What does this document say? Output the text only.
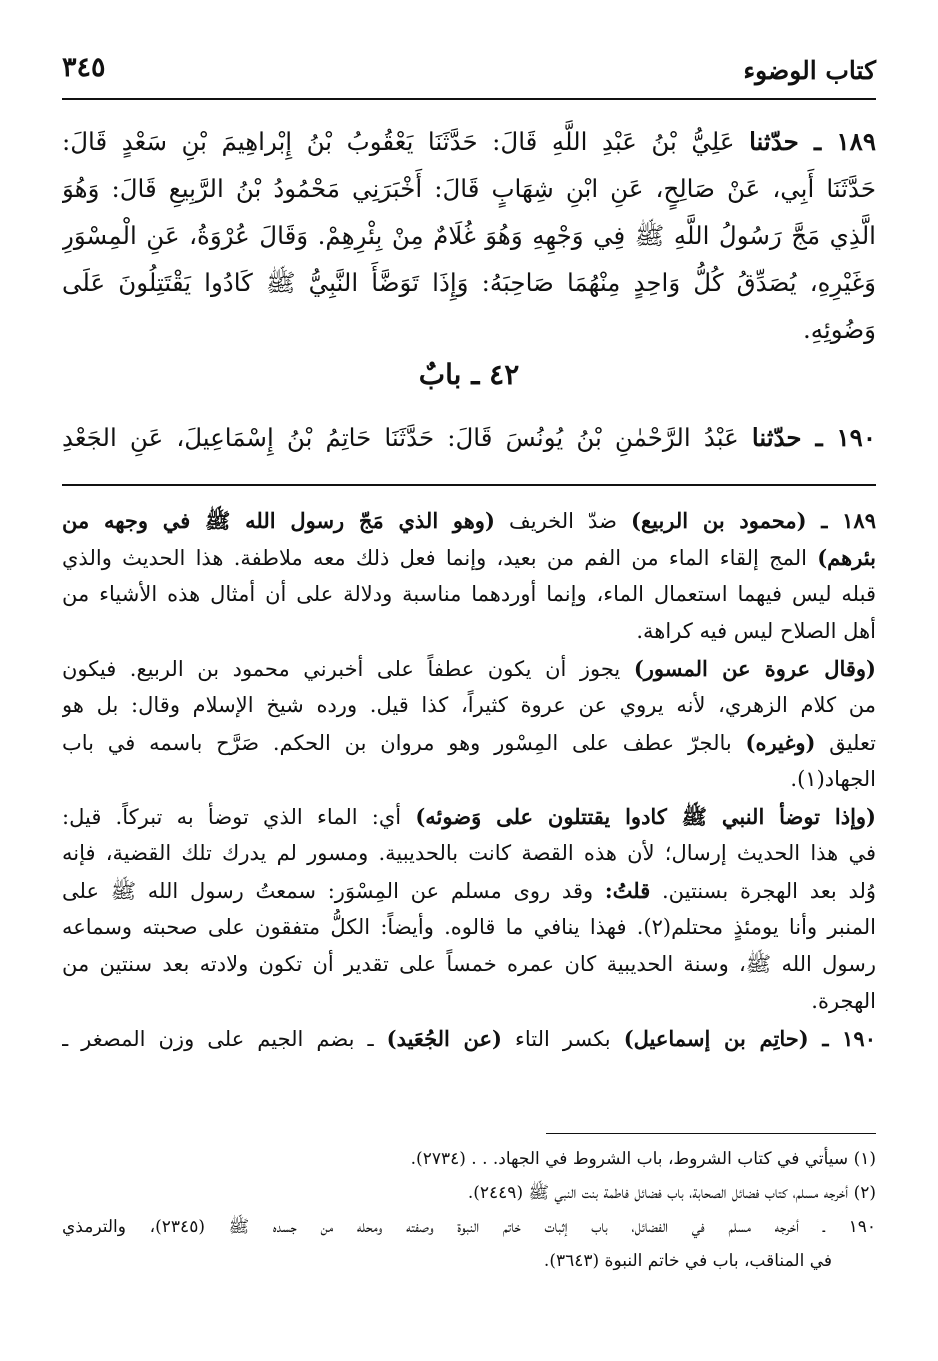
كتاب الوضوء
٣٤٥
١٨٩ ـ حدّثنا عَلِيُّ بْنُ عَبْدِ اللَّهِ قَالَ: حَدَّثَنَا يَعْقُوبُ بْنُ إِبْراهِيمَ بْنِ سَعْدٍ قَالَ:
حَدَّثَنَا أَبِي، عَنْ صَالِحٍ، عَنِ ابْنِ شِهَابٍ قَالَ: أَخْبَرَنِي مَحْمُودُ بْنُ الرَّبِيعِ قَالَ: وَهُوَ
الَّذِي مَجَّ رَسُولُ اللَّهِ ﷺ فِي وَجْهِهِ وَهُوَ غُلَامٌ مِنْ بِئْرِهِمْ. وَقَالَ عُرْوَةُ، عَنِ الْمِسْوَرِ
وَغَيْرِهِ، يُصَدِّقُ كُلُّ وَاحِدٍ مِنْهُمَا صَاحِبَهُ: وَإِذَا تَوَضَّأَ النَّبِيُّ ﷺ كَادُوا يَقْتَتِلُونَ عَلَى
وَضُوئِهِ.
٤٢ ـ بابٌ
١٩٠ ـ حدّثنا عَبْدُ الرَّحْمٰنِ بْنُ يُونُسَ قَالَ: حَدَّثَنَا حَاتِمُ بْنُ إِسْمَاعِيلَ، عَنِ الجَعْدِ
١٨٩ ـ (محمود بن الربيع) ضدّ الخريف (وهو الذي مَجّ رسول الله ﷺ في وجهه من
بئرهم) المج إلقاء الماء من الفم من بعيد، وإنما فعل ذلك معه ملاطفة. هذا الحديث والذي
قبله ليس فيهما استعمال الماء، وإنما أوردهما مناسبة ودلالة على أن أمثال هذه الأشياء من
أهل الصلاح ليس فيه كراهة.
(وقال عروة عن المسور) يجوز أن يكون عطفاً على أخبرني محمود بن الربيع. فيكون
من كلام الزهري، لأنه يروي عن عروة كثيراً، كذا قيل. ورده شيخ الإسلام وقال: بل هو
تعليق (وغيره) بالجرّ عطف على المِسْور وهو مروان بن الحكم. صَرَّح باسمه في باب
الجهاد(١).
(وإذا توضأ النبي ﷺ كادوا يقتتلون على وَضوئه) أي: الماء الذي توضأ به تبركاً. قيل:
في هذا الحديث إرسال؛ لأن هذه القصة كانت بالحديبية. ومسور لم يدرك تلك القضية، فإنه
وُلد بعد الهجرة بسنتين. قلتُ: وقد روى مسلم عن المِسْوَر: سمعتُ رسول الله ﷺ على
المنبر وأنا يومئذٍ محتلم(٢). فهذا ينافي ما قالوه. وأيضاً: الكلُّ متفقون على صحبته وسماعه
رسول الله ﷺ، وسنة الحديبية كان عمره خمساً على تقدير أن تكون ولادته بعد سنتين من
الهجرة.
١٩٠ ـ (حاتِم بن إسماعيل) بكسر التاء (عن الجُعَيد) ـ بضم الجيم على وزن المصغر ـ
(١) سيأتي في كتاب الشروط، باب الشروط في الجهاد. . . (٢٧٣٤).
(٢) أخرجه مسلم، كتاب فضائل الصحابة، باب فضائل فاطمة بنت النبي ﷺ (٢٤٤٩).
١٩٠ ـ أخرجه مسلم في الفضائل، باب إثبات خاتم النبوة وصفته ومحله من جسده ﷺ (٢٣٤٥)، والترمذي
في المناقب، باب في خاتم النبوة (٣٦٤٣).
